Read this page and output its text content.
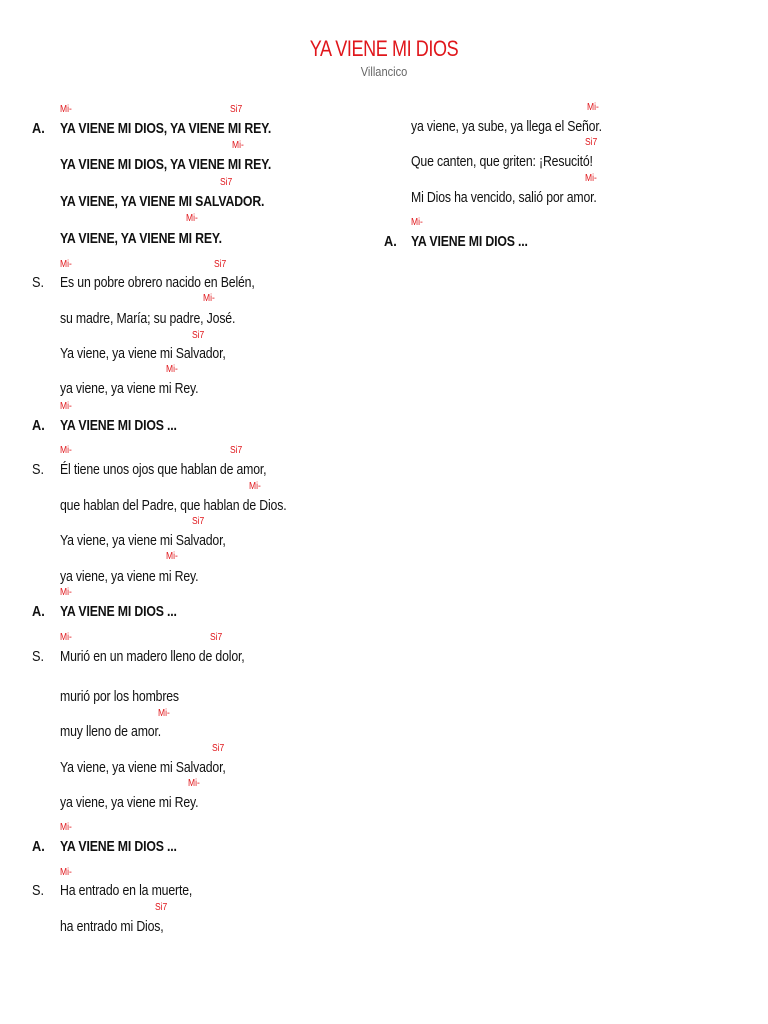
YA VIENE MI DIOS
Villancico
Mi-	Si7
A. YA VIENE MI DIOS, YA VIENE MI REY.
Mi-
YA VIENE MI DIOS, YA VIENE MI REY.
Si7
YA VIENE, YA VIENE MI SALVADOR.
Mi-
YA VIENE, YA VIENE MI REY.
Mi-	Si7
S. Es un pobre obrero nacido en Belén,
Mi-
su madre, María; su padre, José.
Si7
Ya viene, ya viene mi Salvador,
Mi-
ya viene, ya viene mi Rey.
Mi-
A. YA VIENE MI DIOS ...
Mi-	Si7
S. Él tiene unos ojos que hablan de amor,
Mi-
que hablan del Padre, que hablan de Dios.
Si7
Ya viene, ya viene mi Salvador,
Mi-
ya viene, ya viene mi Rey.
Mi-
A. YA VIENE MI DIOS ...
Mi-	Si7
S. Murió en un madero lleno de dolor,
murió por los hombres
Mi-
muy lleno de amor.
Si7
Ya viene, ya viene mi Salvador,
Mi-
ya viene, ya viene mi Rey.
Mi-
A. YA VIENE MI DIOS ...
Mi-
S. Ha entrado en la muerte,
Si7
ha entrado mi Dios,
Mi-
ya viene, ya sube, ya llega el Señor.
Si7
Que canten, que griten: ¡Resucitó!
Mi-
Mi Dios ha vencido, salió por amor.
Mi-
A. YA VIENE MI DIOS ...
